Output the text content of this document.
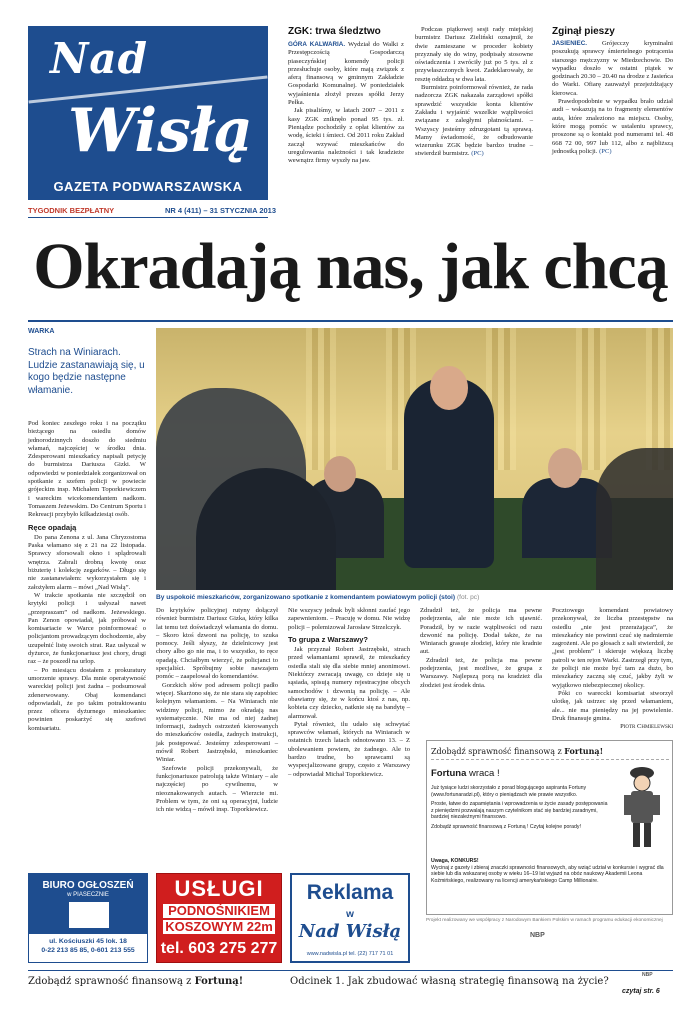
Nad
Wisłą
GAZETA PODWARSZAWSKA
TYGODNIK BEZPŁATNY	NR 4 (411) – 31 STYCZNIA 2013
ZGK: trwa śledztwo

GÓRA KALWARIA. Wydział do Walki z Przestępczością Gospodarczą piaseczyńskiej komendy policji przesłuchuje osoby, które mają związek z aferą finansową w gminnym Zakładzie Gospodarki Komunalnej. W poniedziałek wyjaśnienia złożył prezes spółki Jerzy Pełka.

Jak pisaliśmy, w latach 2007 – 2011 z kasy ZGK zniknęło ponad 95 tys. zł. Pieniądze pochodziły z opłat klientów za wodę, ścieki i śmieci. Od 2011 roku Zakład zaczął wzywać mieszkańców do uregulowania należności i tak kradzieże wewnątrz firmy wyszły na jaw.

Podczas piątkowej sesji rady miejskiej burmistrz Dariusz Zieliński oznajmił, że dwie zamieszane w proceder kobiety przyznały się do winy, podpisały stosowne oświadczenia i zwróciły już po 5 tys. zł z przywłaszczonych kwot. Zadeklarowały, że resztę oddadzą w dwa lata.

Burmistrz poinformował również, że rada nadzorcza ZGK nakazała zarządowi spółki sprawdzić wszystkie konta klientów Zakładu i wyjaśnić wszelkie wątpliwości związane z zaległymi płatnościami. – Wszyscy jesteśmy zdruzgotani tą sprawą. Mamy świadomość, że odbudowanie wizerunku ZGK będzie bardzo trudne – stwierdził burmistrz. (PC)

Zginął pieszy

JASIENIEC. Grójecczy kryminalni poszukują sprawcy śmiertelnego potrącenia starszego mężczyzny w Miedzechowie. Do wypadku doszło w ostatni piątek w godzinach 20.30 – 20.40 na drodze z Jasieńca do Warki. Ofiarę zauważył przejeżdżający kierowca.

Prawdopodobnie w wypadku brało udział audi – wskazują na to fragmenty elementów auta, które znaleziono na miejscu. Osoby, które mogą pomóc w ustaleniu sprawcy, proszone są o kontakt pod numerami tel. 48 668 72 00, 997 lub 112, albo z najbliższą jednostką policji. (PC)

Okradają nas, jak chcą
WARKA
Strach na Winiarach. Ludzie zastanawiają się, u kogo będzie następne włamanie.

Pod koniec zeszłego roku i na początku bieżącego na osiedlu domów jednorodzinnych doszło do siedmiu włamań, najczęściej w środku dnia. Zdesperowani mieszkańcy napisali petycję do burmistrza Dariusza Gizki. W odpowiedzi w poniedziałek zorganizował on spotkanie z szefem policji w powiecie grójeckim insp. Michałem Toporkiewiczem i wareckim wicekomendantem nadkom. Tomaszem Jeżewskim. Do Centrum Sportu i Rekreacji przybyło kilkadziesiąt osób.

Ręce opadają

Do pana Zenona z ul. Jana Chryzostoma Paska włamano się z 21 na 22 listopada. Sprawcy sforsowali okno i splądrowali wnętrza. Zabrali drobną kwotę oraz biżuterię i kolekcję zegarków. – Długo się nie zastanawiałem: wykorzystałem się i założyłem alarm – mówi „Nad Wisłą”.

W trakcie spotkania nie szczędził on krytyki policji i usłyszał nawet „przepraszam” od nadkom. Jeżewskiego. Pan Zenon opowiadał, jak próbował w komisariacie w Warce poinformować o policjantom prowadzącym dochodzenie, aby uzupełnić listę swoich strat. Raz usłyszał w dyżurce, że funkcjonariusz jest chory, drugi raz – że poszedł na urlop.

– Po miesiącu dostałem z prokuratury umorzenie sprawy. Dla mnie operatywność wareckiej policji jest żadna – podsumował zdenerwowany. Obaj komendanci odpowiadali, że po takim potraktowaniu przez oficera dyżurnego mieszkaniec powinien poskarżyć się szefowi komisariatu.

By uspokoić mieszkańców, zorganizowano spotkanie z komendantem powiatowym policji (stoi) (fot. pc)

Do krytyków policyjnej rutyny dołączył również burmistrz Dariusz Gizka, który kilka lat temu też doświadczył włamania do domu. – Skoro ktoś dzwoni na policję, to szuka pomocy. Jeśli słyszy, że dzielnicowy jest chory albo go nie ma, i to wszystko, to ręce opadają. Chciałbym wierzyć, że policjanci to specjaliści. Spróbujmy sobie nawzajem pomóc – zaapelował do komendantów.

Gorzkich słów pod adresem policji padło więcej. Skarżono się, że nie stara się zapobiec kolejnym włamaniom. – Na Winiarach nie widzimy policji, mimo że okradają nas systematycznie. Nie ma od niej żadnej informacji, żadnych ostrzeżeń kierowanych do mieszkańców osiedla, żadnych instrukcji, jak postępować. Jesteśmy zdesperowani – mówił Robert Jastrzębski, mieszkaniec Winiar.

Szefowie policji przekonywali, że funkcjonariusze patrolują także Winiary – ale najczęściej po cywilnemu, w nieoznakowanych autach. – Wierzcie mi. Problem w tym, że oni są operacyjni, ludzie ich nie widzą – mówił insp. Toporkiewicz.

Nie wszyscy jednak byli skłonni zaufać jego zapewnieniom. – Pracuję w domu. Nie widzę policji – polemizował Jarosław Strzelczyk.

To grupa z Warszawy?

Jak przyznał Robert Jastrzębski, strach przed włamaniami sprawił, że mieszkańcy osiedla stali się dla siebie mniej anonimowi. Niektórzy zwracają uwagę, co dzieje się u sąsiada, spisują numery rejestracyjne obcych samochodów i dzwonią na policję. – Ale obawiamy się, że w końcu ktoś z nas, np. kobieta czy dziecko, natknie się na bandytę – alarmował.

Pytał również, ilu udało się schwytać sprawców włamań, których na Winiarach w ostatnich trzech latach odnotowano 13. – Z ubolewaniem powiem, że żadnego. Ale to bardzo trudne, bo sprawcami są wyspecjalizowane grupy, często z Warszawy – odpowiadał Michał Toporkiewicz.

Zdradził też, że policja ma pewne podejrzenia, ale nie może ich ujawnić. Poradził, by w razie wątpliwości od razu dzwonić na policję. Dodał także, że na Winiarach grasuje złodziej, który nie kradnie aut.

Zdradził też, że policja ma pewne podejrzenia, jest możliwe, że grupa z Warszawy. Najlepszą porą na kradzież dla złodziei jest środek dnia.

Pocztowego komendant powiatowy przekonywał, że liczba przestępstw na osiedlu „nie jest przerażająca”, że mieszkańcy nie powinni czuć się nadmiernie zagrożeni. Ale po głosach z sali stwierdził, że „jest problem” i skieruje większą liczbę patroli w ten rejon Warki. Zastrzegł przy tym, że policji nie może być tam za dużo, bo mieszkańcy zaczną się czuć, jakby żyli w wyjątkowo niebezpiecznej okolicy.

Póki co wareccki komisariat stworzył ulotkę, jak ustrzec się przed włamaniem, ale... nie ma pieniędzy na jej powielenie. Druk finansuje gmina.

Piotr Chmielewski

Zdobądź sprawność finansową z Fortuną!
Fortuna wraca !

Już tysiące ludzi skorzystało z porad blogującego aspiranta Fortuny (www.fortunaradzi.pl), który o pieniądzach wie prawie wszystko.

Proste, łatwe do zapamiętania i wprowadzenia w życie zasady postępowania z pieniędzmi pozwalają naszym czytelnikom stać się bardziej zaradnymi, bardziej niezależnymi finansowo.

Zdobądź sprawność finansową z Fortuną ! Czytaj kolejne porady!

Uwaga, KONKURS!

Wycinaj z gazety i zbieraj znaczki sprawności finansowych, aby wziąć udział w konkursie i wygrać dla siebie lub dla wskazanej osoby w wieku 16–19 lat wyjazd na obóz naukowy Akademii Leona Koźmińskiego, realizowany na licencji amerykańskiego Camp Millionaire.

BIURO OGŁOSZEŃ
w PIASECZNIE
ul. Kościuszki 45 lok. 18
0-22 213 85 85, 0-601 213 555
USŁUGI
PODNOŚNIKIEM
KOSZOWYM 22m
tel. 603 275 277
Reklama
w
Nad Wisłą
www.nadwisla.pl tel. (22) 717 71 01
Projekt realizowany we współpracy z Narodowym Bankiem Polskim w ramach programu edukacji ekonomicznej
NBP
Zdobądź sprawność finansową z Fortuną!	Odcinek 1. Jak zbudować własną strategię finansową na życie?
NBP
czytaj str. 6
